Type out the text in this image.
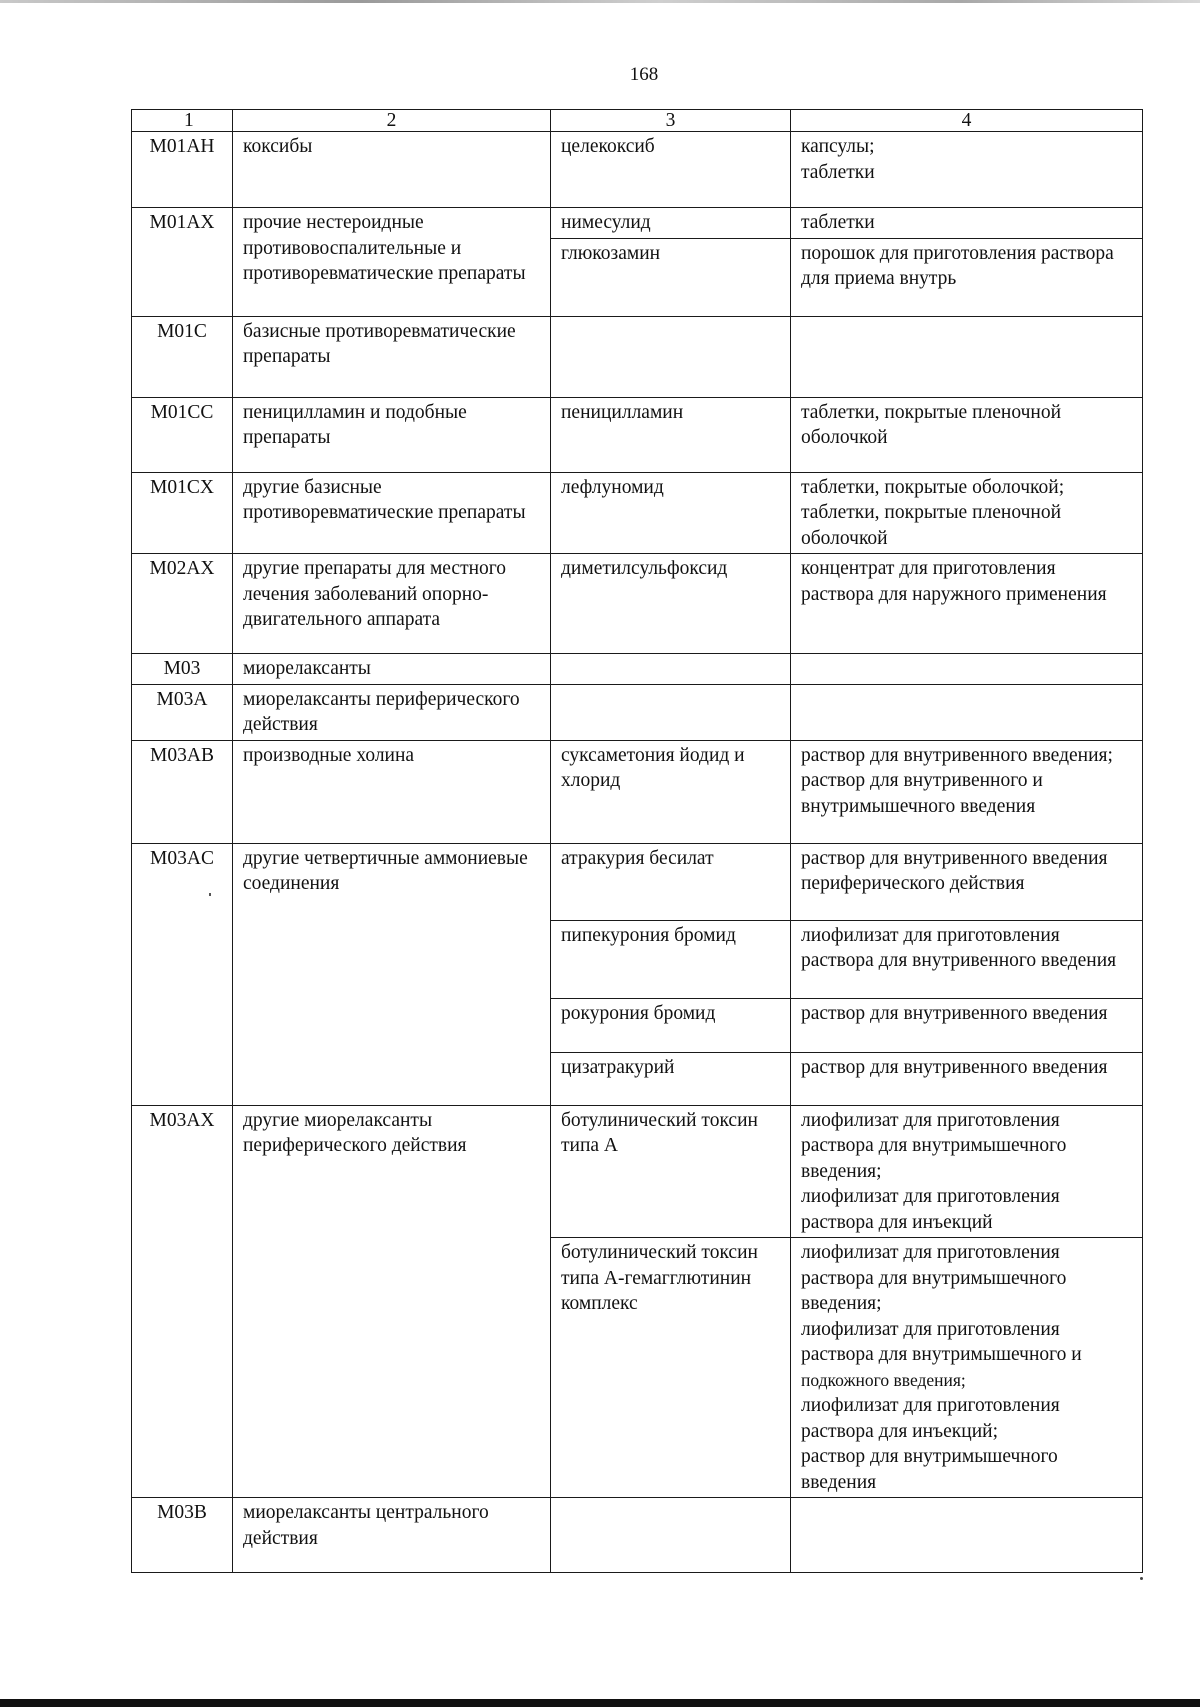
168
1	2	3	4
M01AH	коксибы	целекоксиб	капсулы;
таблетки
M01AX	прочие нестероидные противовоспалительные и противоревматические препараты	нимесулид	таблетки
		глюкозамин	порошок для приготовления раствора для приема внутрь
M01C	базисные противоревматические препараты		
M01CC	пеницилламин и подобные препараты	пеницилламин	таблетки, покрытые пленочной оболочкой
M01CX	другие базисные противоревматические препараты	лефлуномид	таблетки, покрытые оболочкой;
таблетки, покрытые пленочной оболочкой
M02AX	другие препараты для местного лечения заболеваний опорно-двигательного аппарата	диметилсульфоксид	концентрат для приготовления раствора для наружного применения
M03	миорелаксанты		
M03A	миорелаксанты периферического действия		
M03AB	производные холина	суксаметония йодид и хлорид	раствор для внутривенного введения;
раствор для внутривенного и внутримышечного введения
M03AC	другие четвертичные аммониевые соединения	атракурия бесилат	раствор для внутривенного введения периферического действия
		пипекурония бромид	лиофилизат для приготовления раствора для внутривенного введения
		рокурония бромид	раствор для внутривенного введения
		цизатракурий	раствор для внутривенного введения
M03AX	другие миорелаксанты периферического действия	ботулинический токсин типа А	лиофилизат для приготовления раствора для внутримышечного введения;
лиофилизат для приготовления раствора для инъекций
		ботулинический токсин типа А-гемагглютинин комплекс	лиофилизат для приготовления раствора для внутримышечного введения;
лиофилизат для приготовления раствора для внутримышечного и
подкожного введения;
лиофилизат для приготовления раствора для инъекций;
раствор для внутримышечного введения

M03B	миорелаксанты центрального действия		
